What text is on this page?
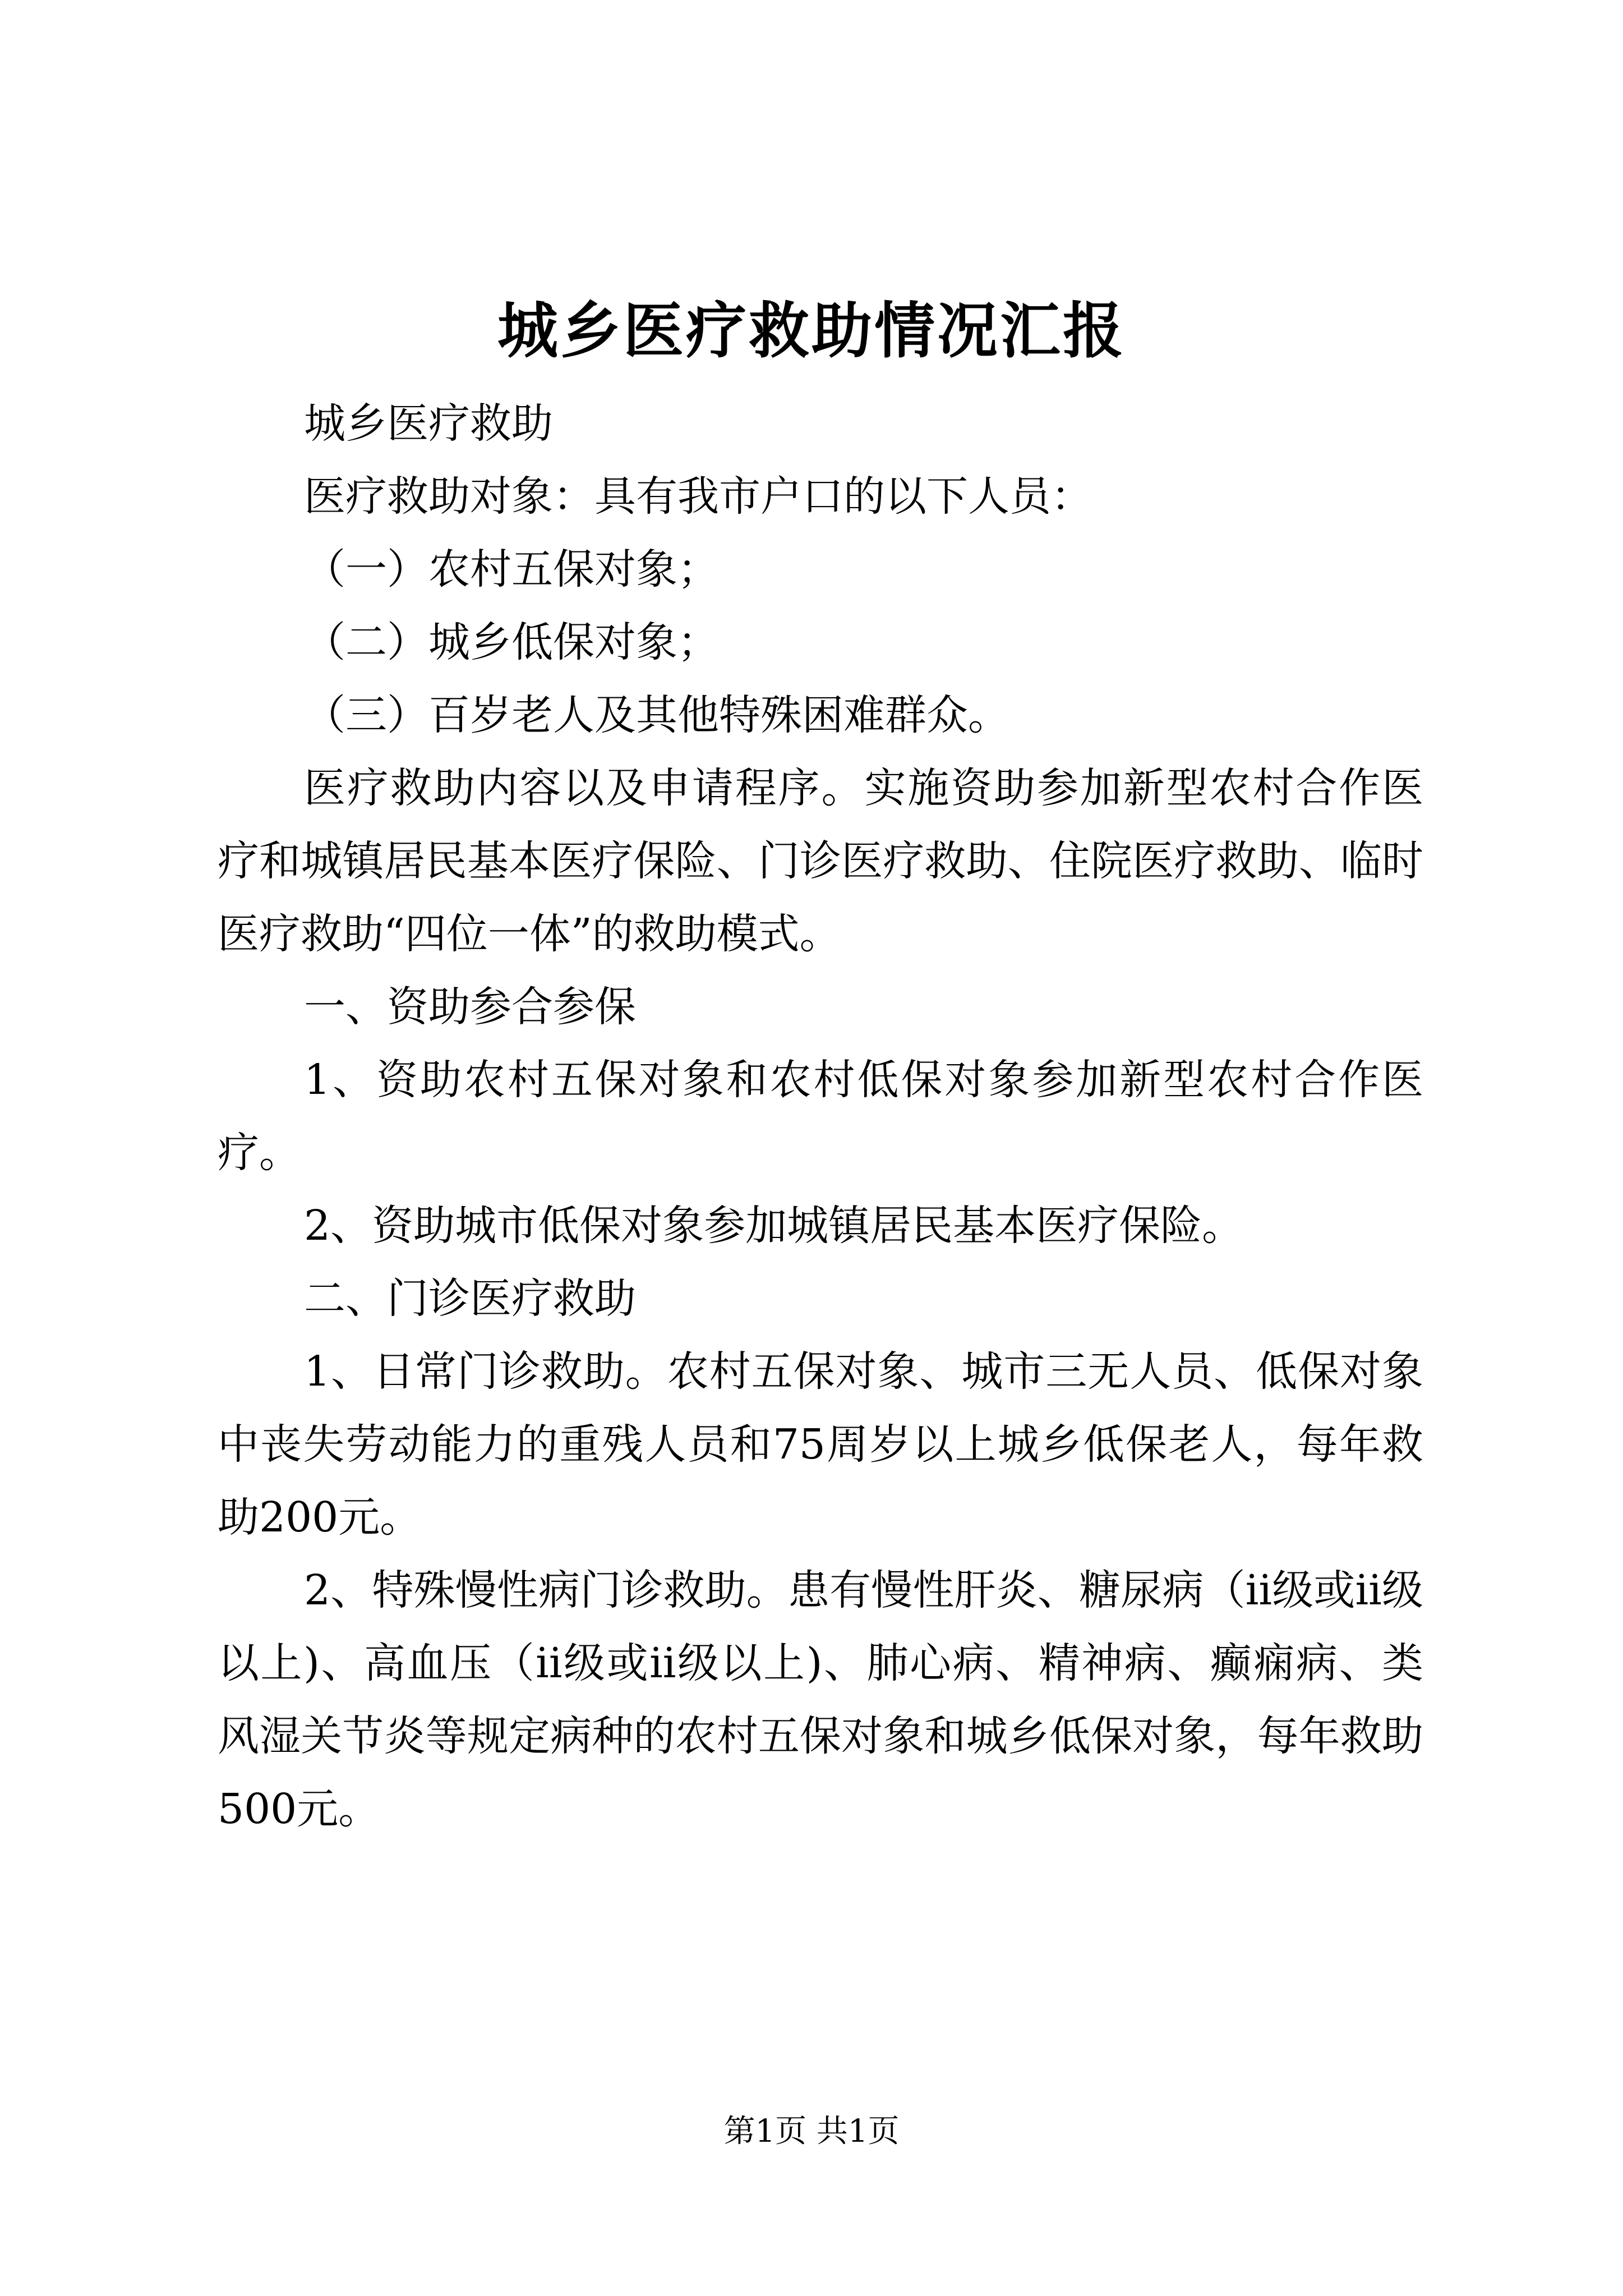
城乡医疗救助情况汇报

城乡医疗救助

医疗救助对象：具有我市户口的以下人员：

（一）农村五保对象；

（二）城乡低保对象；

（三）百岁老人及其他特殊困难群众。

医疗救助内容以及申请程序。实施资助参加新型农村合作医疗和城镇居民基本医疗保险、门诊医疗救助、住院医疗救助、临时医疗救助“四位一体”的救助模式。

一、资助参合参保

1、资助农村五保对象和农村低保对象参加新型农村合作医疗。

2、资助城市低保对象参加城镇居民基本医疗保险。

二、门诊医疗救助

1、日常门诊救助。农村五保对象、城市三无人员、低保对象中丧失劳动能力的重残人员和75周岁以上城乡低保老人，每年救助200元。

2、特殊慢性病门诊救助。患有慢性肝炎、糖尿病（ii级或ii级以上)、高血压（ii级或ii级以上)、肺心病、精神病、癫痫病、类风湿关节炎等规定病种的农村五保对象和城乡低保对象，每年救助500元。

第1页 共1页
